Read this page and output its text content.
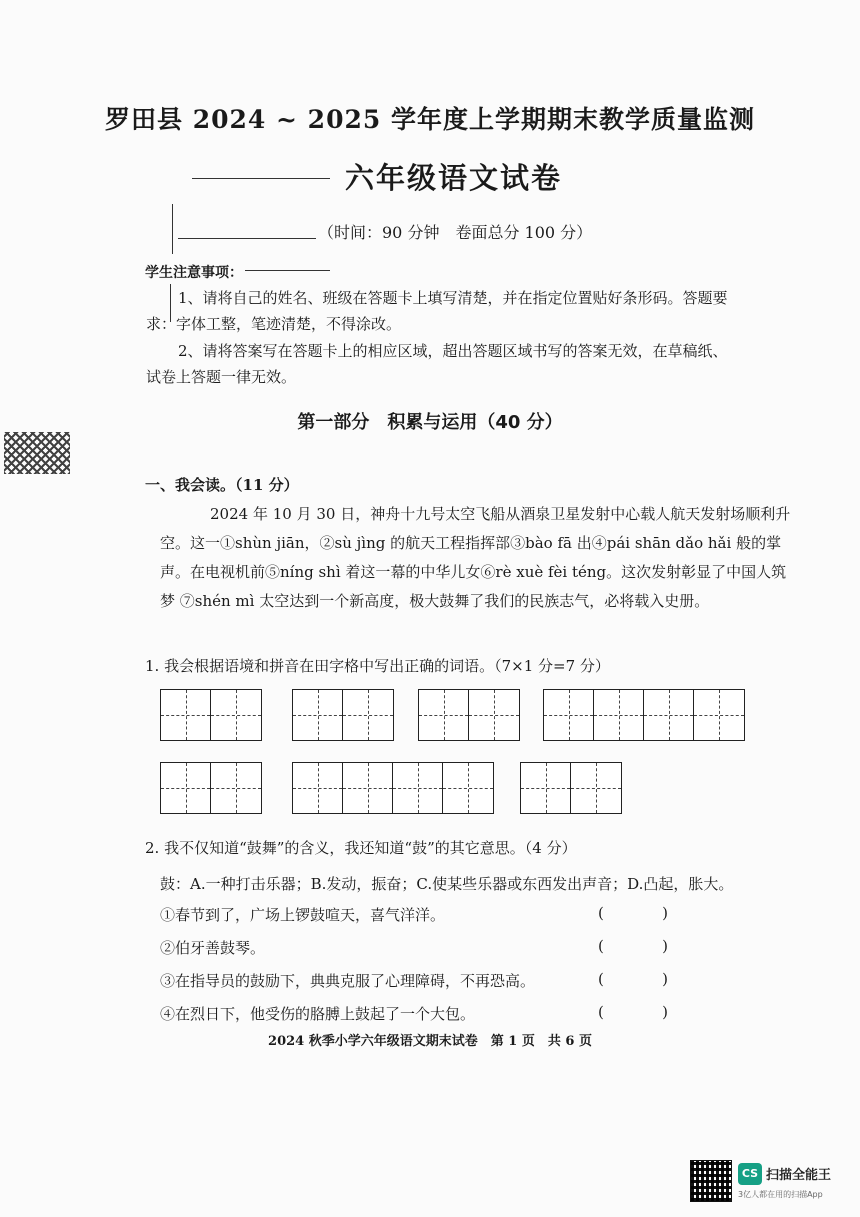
罗田县 2024 ~ 2025 学年度上学期期末教学质量监测
六年级语文试卷
（时间：90 分钟　卷面总分 100 分）
学生注意事项：
1、请将自己的姓名、班级在答题卡上填写清楚，并在指定位置贴好条形码。答题要
求：字体工整，笔迹清楚，不得涂改。
2、请将答案写在答题卡上的相应区域，超出答题区域书写的答案无效，在草稿纸、
试卷上答题一律无效。
第一部分　积累与运用（40 分）
一、我会读。（11 分）
2024 年 10 月 30 日，神舟十九号太空飞船从酒泉卫星发射中心载人航天发射场顺利升空。这一①shùn jiān，②sù jìng 的航天工程指挥部③bào fā 出④pái shān dǎo hǎi 般的掌声。在电视机前⑤níng shì 着这一幕的中华儿女⑥rè xuè fèi téng。这次发射彰显了中国人筑梦 ⑦shén mì 太空达到一个新高度，极大鼓舞了我们的民族志气，必将载入史册。
1. 我会根据语境和拼音在田字格中写出正确的词语。（7×1 分=7 分）
2. 我不仅知道“鼓舞”的含义，我还知道“鼓”的其它意思。（4 分）
鼓：A.一种打击乐器；B.发动，振奋；C.使某些乐器或东西发出声音；D.凸起，胀大。
①春节到了，广场上锣鼓喧天，喜气洋洋。	(	)
②伯牙善鼓琴。	(	)
③在指导员的鼓励下，典典克服了心理障碍，不再恐高。	(	)
④在烈日下，他受伤的胳膊上鼓起了一个大包。	(	)
2024 秋季小学六年级语文期末试卷　第 1 页　共 6 页
CS 扫描全能王
3亿人都在用的扫描App
